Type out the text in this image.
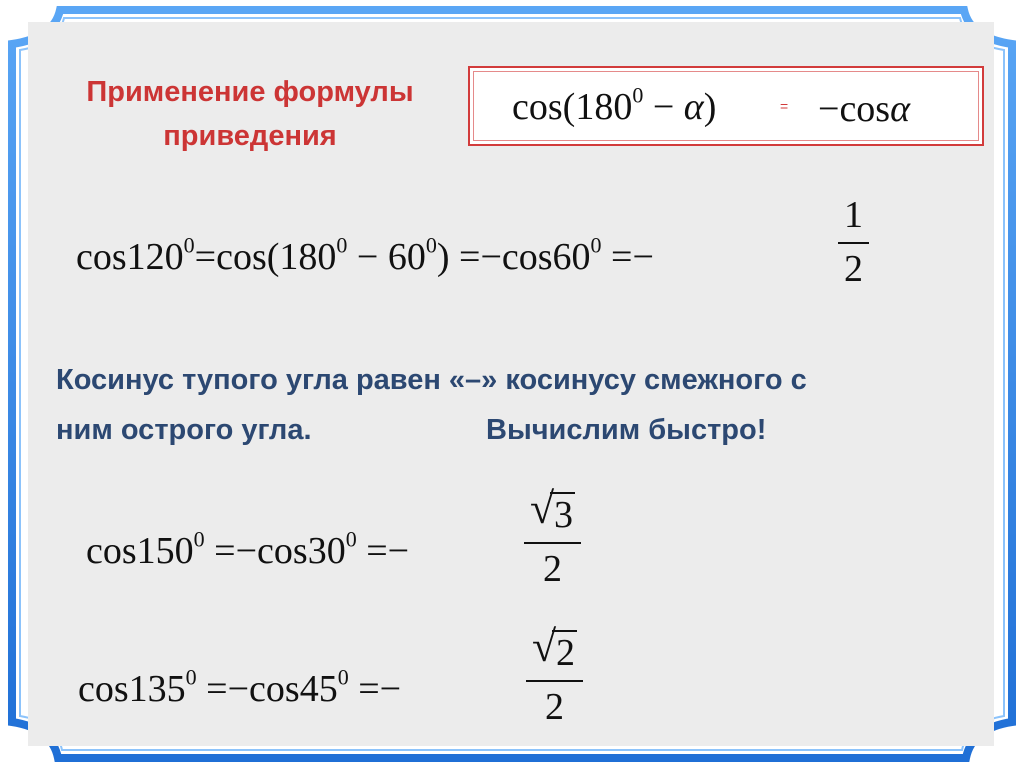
Применение формулы приведения
$\cos(180^0 - \alpha)$	= −cosα
$\cos 120^0=\cos(180^0 - 60^0) =-\cos 60^0$ =−	$\frac{1}{2}$
Косинус тупого угла равен «–» косинусу смежного с
ним острого угла.	Вычислим быстро!
$\cos 150^0 =-\cos 30^0$ =−	$\frac{√ 3}{2}$
$\cos 135^0 =-\cos 45^0$ =−	$\frac{√ 2}{2}$
